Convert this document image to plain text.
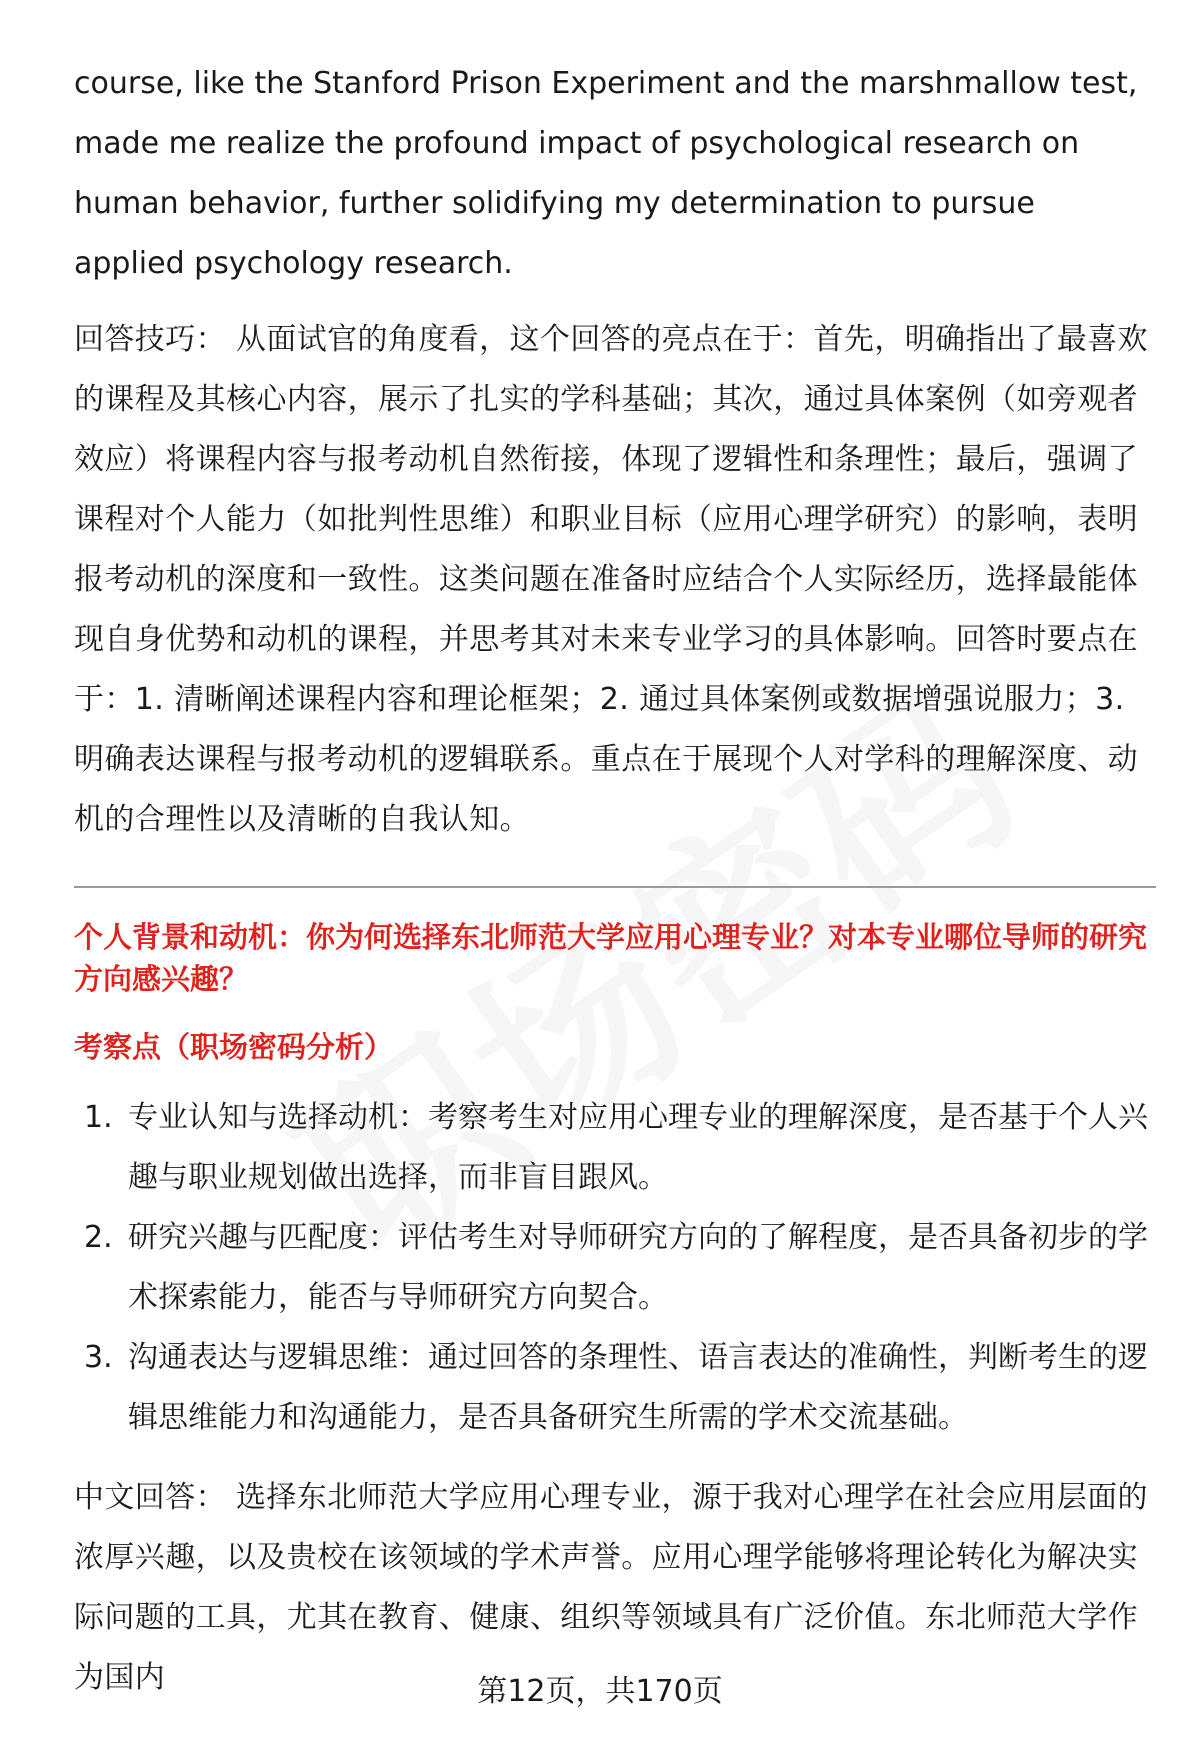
course, like the Stanford Prison Experiment and the marshmallow test, made me realize the profound impact of psychological research on human behavior, further solidifying my determination to pursue applied psychology research.

回答技巧： 从面试官的角度看，这个回答的亮点在于：首先，明确指出了最喜欢的课程及其核心内容，展示了扎实的学科基础；其次，通过具体案例（如旁观者效应）将课程内容与报考动机自然衔接，体现了逻辑性和条理性；最后，强调了课程对个人能力（如批判性思维）和职业目标（应用心理学研究）的影响，表明报考动机的深度和一致性。这类问题在准备时应结合个人实际经历，选择最能体现自身优势和动机的课程，并思考其对未来专业学习的具体影响。回答时要点在于：1. 清晰阐述课程内容和理论框架；2. 通过具体案例或数据增强说服力；3. 明确表达课程与报考动机的逻辑联系。重点在于展现个人对学科的理解深度、动机的合理性以及清晰的自我认知。

个人背景和动机：你为何选择东北师范大学应用心理专业？对本专业哪位导师的研究方向感兴趣？

考察点（职场密码分析）

1. 专业认知与选择动机：考察考生对应用心理专业的理解深度，是否基于个人兴趣与职业规划做出选择，而非盲目跟风。
2. 研究兴趣与匹配度：评估考生对导师研究方向的了解程度，是否具备初步的学术探索能力，能否与导师研究方向契合。
3. 沟通表达与逻辑思维：通过回答的条理性、语言表达的准确性，判断考生的逻辑思维能力和沟通能力，是否具备研究生所需的学术交流基础。

中文回答： 选择东北师范大学应用心理专业，源于我对心理学在社会应用层面的浓厚兴趣，以及贵校在该领域的学术声誉。应用心理学能够将理论转化为解决实际问题的工具，尤其在教育、健康、组织等领域具有广泛价值。东北师范大学作为国内	第12页，共170页
